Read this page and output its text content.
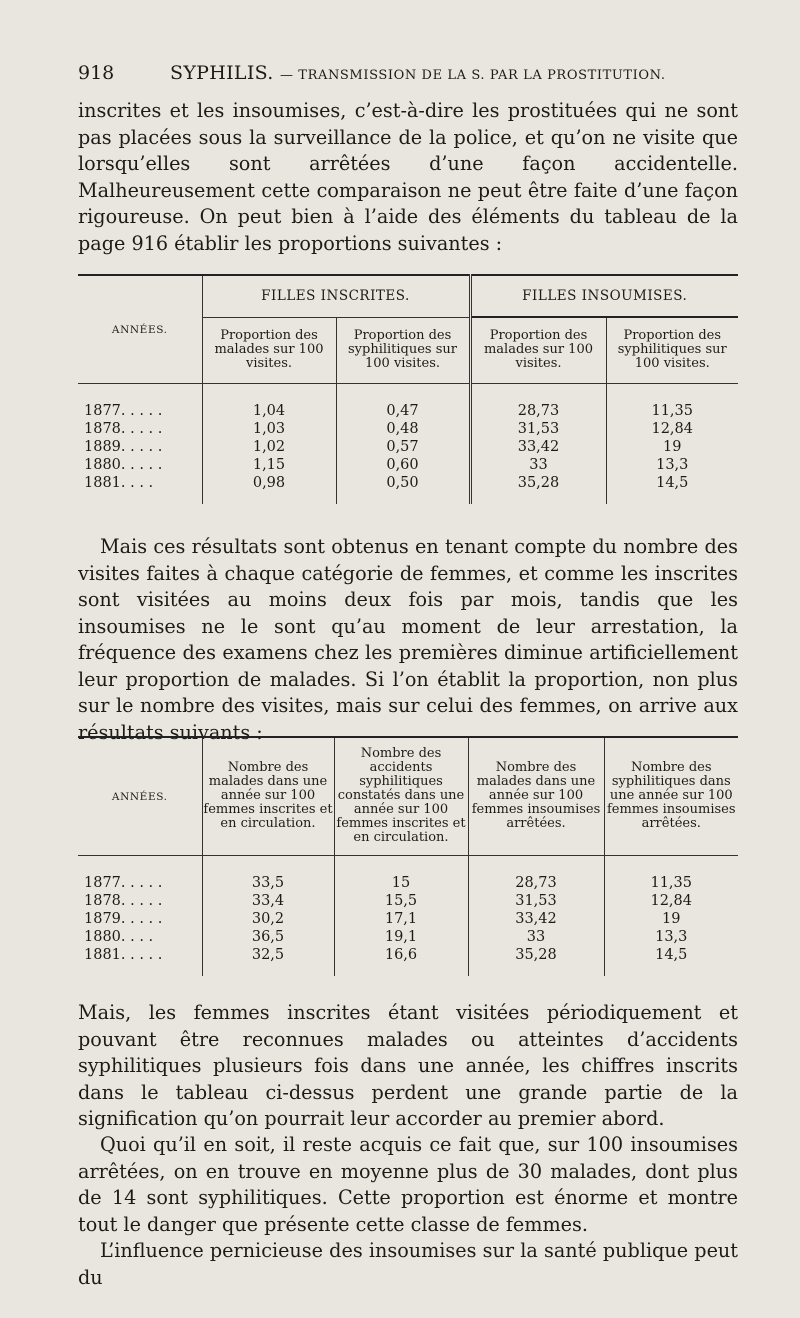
918	SYPHILIS. — TRANSMISSION DE LA S. PAR LA PROSTITUTION.

inscrites et les insoumises, c’est-à-dire les prostituées qui ne sont pas placées sous la surveillance de la police, et qu’on ne visite que lorsqu’elles sont arrêtées d’une façon accidentelle. Malheureusement cette comparaison ne peut être faite d’une façon rigoureuse. On peut bien à l’aide des éléments du tableau de la page 916 établir les proportions suivantes :

ANNÉES.	FILLES INSCRITES.		FILLES INSOUMISES.	
	Proportion des malades sur 100 visites.	Proportion des syphilitiques sur 100 visites.	Proportion des malades sur 100 visites.	Proportion des syphilitiques sur 100 visites.
1877. . . . .	1,04	0,47	28,73	11,35
1878. . . . .	1,03	0,48	31,53	12,84
1889. . . . .	1,02	0,57	33,42	19
1880. . . . .	1,15	0,60	33	13,3
1881. . . .	0,98	0,50	35,28	14,5

Mais ces résultats sont obtenus en tenant compte du nombre des visites faites à chaque catégorie de femmes, et comme les inscrites sont visitées au moins deux fois par mois, tandis que les insoumises ne le sont qu’au moment de leur arrestation, la fréquence des examens chez les premières diminue artificiellement leur proportion de malades. Si l’on établit la proportion, non plus sur le nombre des visites, mais sur celui des femmes, on arrive aux résultats suivants :

ANNÉES.	Nombre des malades dans une année sur 100 femmes inscrites et en circulation.	Nombre des accidents syphilitiques constatés dans une année sur 100 femmes inscrites et en circulation.	Nombre des malades dans une année sur 100 femmes insoumises arrêtées.	Nombre des syphilitiques dans une année sur 100 femmes insoumises arrêtées.
1877. . . . .	33,5	15	28,73	11,35
1878. . . . .	33,4	15,5	31,53	12,84
1879. . . . .	30,2	17,1	33,42	19
1880. . . .	36,5	19,1	33	13,3
1881. . . . .	32,5	16,6	35,28	14,5

Mais, les femmes inscrites étant visitées périodiquement et pouvant être reconnues malades ou atteintes d’accidents syphilitiques plusieurs fois dans une année, les chiffres inscrits dans le tableau ci-dessus perdent une grande partie de la signification qu’on pourrait leur accorder au premier abord.

Quoi qu’il en soit, il reste acquis ce fait que, sur 100 insoumises arrêtées, on en trouve en moyenne plus de 30 malades, dont plus de 14 sont syphilitiques. Cette proportion est énorme et montre tout le danger que présente cette classe de femmes.

L’influence pernicieuse des insoumises sur la santé publique peut du
